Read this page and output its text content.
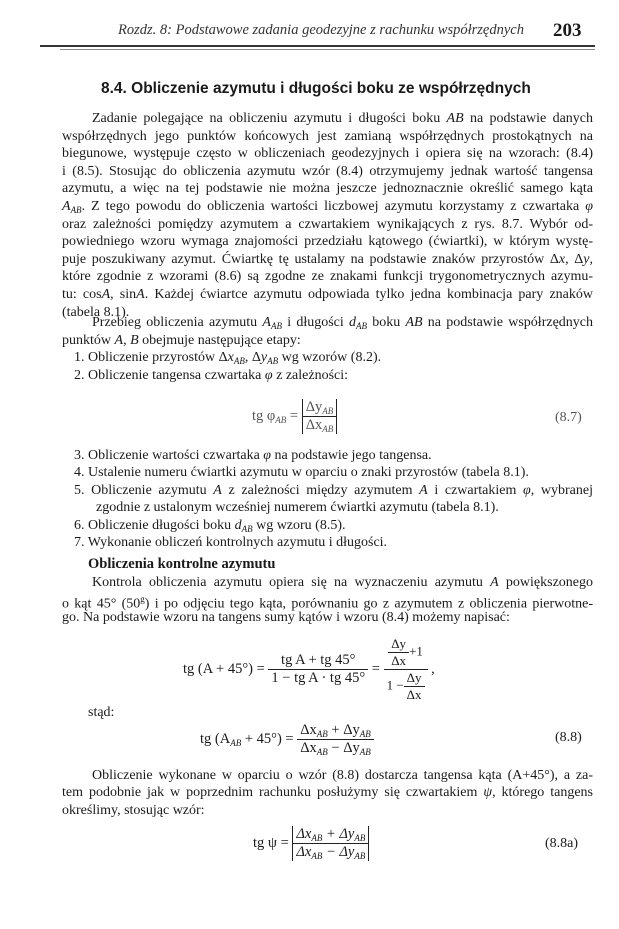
Rozdz. 8: Podstawowe zadania geodezyjne z rachunku współrzędnych 203
8.4. Obliczenie azymutu i długości boku ze współrzędnych
Zadanie polegające na obliczeniu azymutu i długości boku AB na podstawie danych
współrzędnych jego punktów końcowych jest zamianą współrzędnych prostokątnych na
biegunowe, występuje często w obliczeniach geodezyjnych i opiera się na wzorach: (8.4)
i (8.5). Stosując do obliczenia azymutu wzór (8.4) otrzymujemy jednak wartość tangensa
azymutu, a więc na tej podstawie nie można jeszcze jednoznacznie określić samego kąta
$A_{AB}$. Z tego powodu do obliczenia wartości liczbowej azymutu korzystamy z czwartaka φ
oraz zależności pomiędzy azymutem a czwartakiem wynikających z rys. 8.7. Wybór od-
powiedniego wzoru wymaga znajomości przedziału kątowego (ćwiartki), w którym wystę-
puje poszukiwany azymut. Ćwiartkę tę ustalamy na podstawie znaków przyrostów Δx, Δy,
które zgodnie z wzorami (8.6) są zgodne ze znakami funkcji trygonometrycznych azymu-
tu: cosA, sinA. Każdej ćwiartce azymutu odpowiada tylko jedna kombinacja pary znaków
(tabela 8.1).
Przebieg obliczenia azymutu $A_{AB}$ i długości $d_{AB}$ boku AB na podstawie współrzędnych
punktów A, B obejmuje następujące etapy:
1. Obliczenie przyrostów $\Delta x_{AB}$, $\Delta y_{AB}$ wg wzorów (8.2).
2. Obliczenie tangensa czwartaka φ z zależności:
tg $\varphi_{AB} = \frac{\Delta y_{AB}}{\Delta x_{AB}}$	(8.7)
3. Obliczenie wartości czwartaka φ na podstawie jego tangensa.
4. Ustalenie numeru ćwiartki azymutu w oparciu o znaki przyrostów (tabela 8.1).
5. Obliczenie azymutu A z zależności między azymutem A i czwartakiem φ, wybranej
zgodnie z ustalonym wcześniej numerem ćwiartki azymutu (tabela 8.1).
6. Obliczenie długości boku $d_{AB}$ wg wzoru (8.5).
7. Wykonanie obliczeń kontrolnych azymutu i długości.
Obliczenia kontrolne azymutu
Kontrola obliczenia azymutu opiera się na wyznaczeniu azymutu A powiększonego
o kąt 45° (50$^g$) i po odjęciu tego kąta, porównaniu go z azymutem z obliczenia pierwotne-
go. Na podstawie wzoru na tangens sumy kątów i wzoru (8.4) możemy napisać:
tg $(A + 45^\circ) = \frac{\text{tg A + tg 45°}}{\text{1 − tg A · tg 45°}} = \frac{\frac{\Delta y}{\Delta x} +1}{1 - \frac{\Delta y}{\Delta x}}$ ,
stąd:
tg $(A_{AB} + 45^\circ) = \frac{\Delta x_{AB} + \Delta y_{AB}}{\Delta x_{AB} - \Delta y_{AB}}$	(8.8)
Obliczenie wykonane w oparciu o wzór (8.8) dostarcza tangensa kąta (A+45°), a za-
tem podobnie jak w poprzednim rachunku posłużymy się czwartakiem ψ, którego tangens
określimy, stosując wzór:
tg $\psi = \frac{\Delta x_{AB} + \Delta y_{AB}}{\Delta x_{AB} - \Delta y_{AB}}$	(8.8a)
